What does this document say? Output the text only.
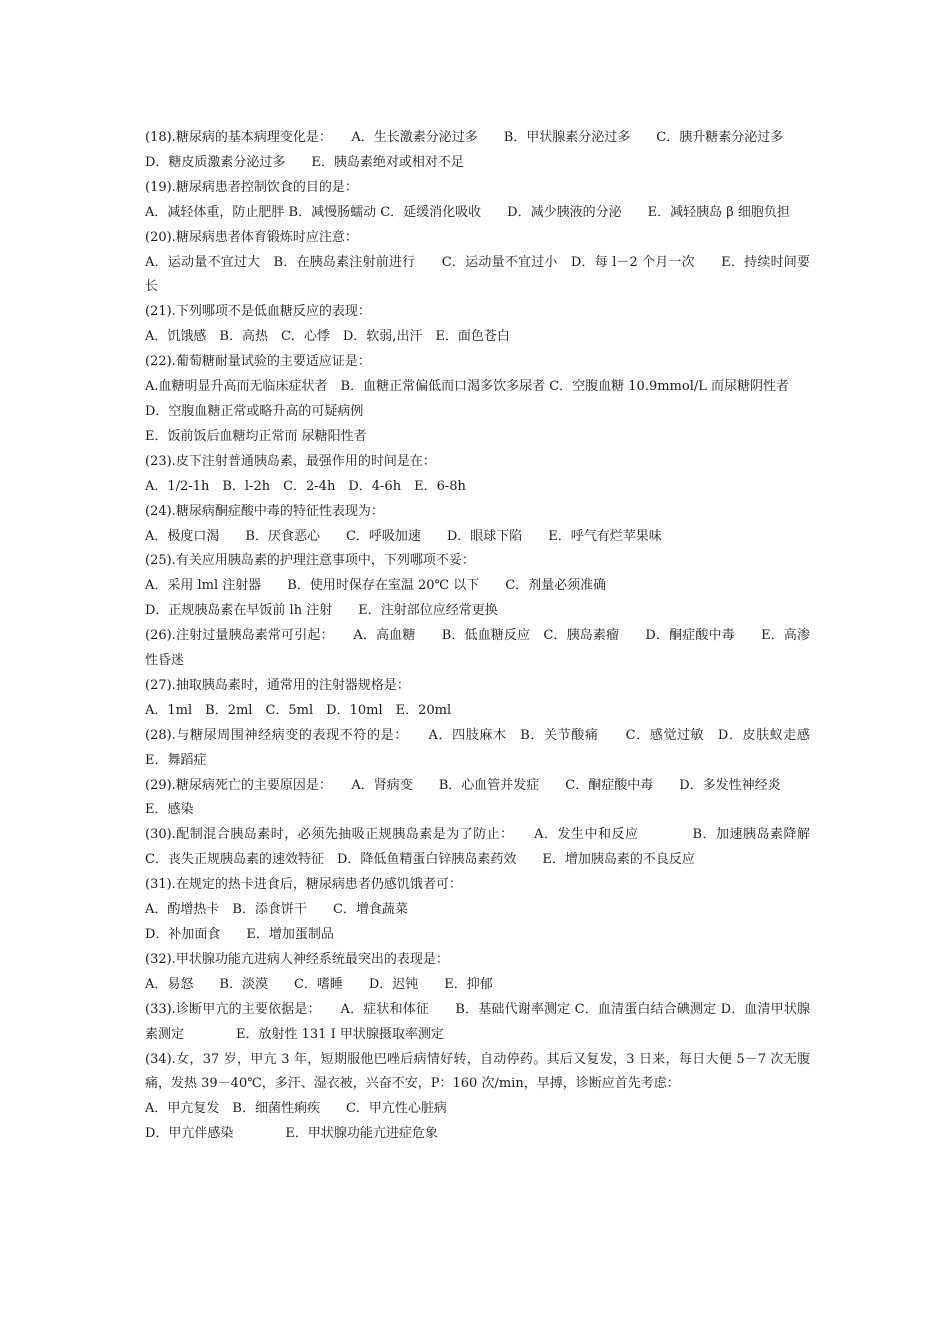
(18).糖尿病的基本病理变化是：　　A．生长激素分泌过多　　B．甲状腺素分泌过多　　C．胰升糖素分泌过多
D．糖皮质激素分泌过多　　E．胰岛素绝对或相对不足
(19).糖尿病患者控制饮食的目的是：
A．减轻体重，防止肥胖 B．减慢肠蠕动 C．延缓消化吸收　　D．减少胰液的分泌　　E．减轻胰岛 β 细胞负担
(20).糖尿病患者体育锻炼时应注意：
A．运动量不宜过大　B．在胰岛素注射前进行　　C．运动量不宜过小　D．每 l－2 个月一次　　E．持续时间要长
(21).下列哪项不是低血糖反应的表现：
A．饥饿感　B．高热　C．心悸　D．软弱,出汗　E．面色苍白
(22).葡萄糖耐量试验的主要适应证是：
A.血糖明显升高而无临床症状者　B．血糖正常偏低而口渴多饮多尿者 C．空腹血糖 10.9mmol/L 而尿糖阴性者
D．空腹血糖正常或略升高的可疑病例
E．饭前饭后血糖均正常而 尿糖阳性者
(23).皮下注射普通胰岛素，最强作用的时间是在：
A．1/2-1h　B．l-2h　C．2-4h　D．4-6h　E．6-8h
(24).糖尿病酮症酸中毒的特征性表现为：
A．极度口渴　　B．厌食恶心　　C．呼吸加速　　D．眼球下陷　　E．呼气有烂苹果味
(25).有关应用胰岛素的护理注意事项中，下列哪项不妥：
A．采用 lml 注射器　　B．使用时保存在室温 20℃ 以下　　C．剂量必须准确
D．正规胰岛素在早饭前 lh 注射　　E．注射部位应经常更换
(26).注射过量胰岛素常可引起：　　A．高血糖　　B．低血糖反应　C．胰岛素瘤　　D．酮症酸中毒　　E．高渗性昏迷
(27).抽取胰岛素时，通常用的注射器规格是：
A．1ml　B．2ml　C．5ml　D．10ml　E．20ml
(28).与糖尿周围神经病变的表现不符的是：　　A．四肢麻木　B．关节酸痛　　C．感觉过敏　D．皮肤蚁走感　E．舞蹈症
(29).糖尿病死亡的主要原因是：　　A．肾病变　　B．心血管并发症　　C．酮症酸中毒　　D．多发性神经炎
E．感染
(30).配制混合胰岛素时，必须先抽吸正规胰岛素是为了防止：　　A．发生中和反应　　　　B．加速胰岛素降解　　C．丧失正规胰岛素的速效特征　D．降低鱼精蛋白锌胰岛素药效　　E．增加胰岛素的不良反应
(31).在规定的热卡进食后，糖尿病患者仍感饥饿者可：
A．酌增热卡　B．添食饼干　　C．增食蔬菜
D．补加面食　　E．增加蛋制品
(32).甲状腺功能亢进病人神经系统最突出的表现是：
A．易怒　　B．淡漠　　C．嗜睡　　D．迟钝　　E．抑郁
(33).诊断甲亢的主要依据是：　　A．症状和体征　　B．基础代谢率测定 C．血清蛋白结合碘测定 D．血清甲状腺素测定　　　　E．放射性 131 I 甲状腺摄取率测定
(34).女，37 岁，甲亢 3 年，短期服他巴唑后病情好转，自动停药。其后又复发，3 日来，每日大便 5－7 次无腹痛，发热 39－40℃，多汗、湿衣被，兴奋不安，P：160 次/min，早搏，诊断应首先考虑：
A．甲亢复发　B．细菌性痢疾　　C．甲亢性心脏病
D．甲亢伴感染　　　　E．甲状腺功能亢进症危象
